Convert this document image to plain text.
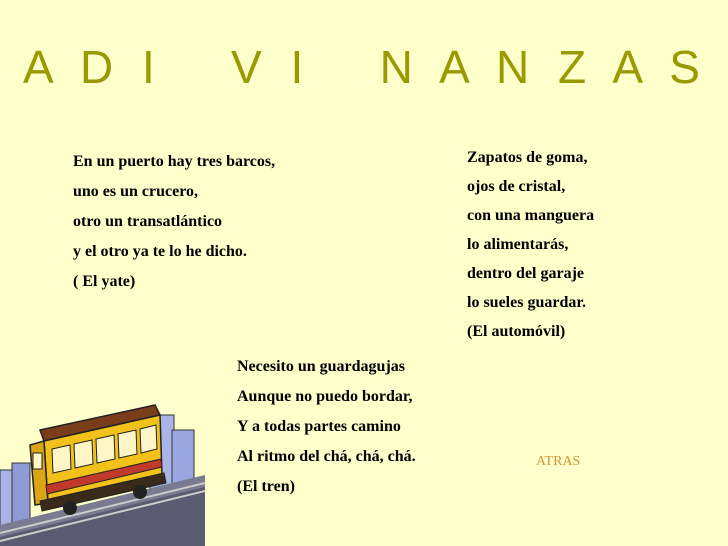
A D I   V I   N A N Z A S
En un puerto hay tres barcos,
uno es un crucero,
otro un transatlántico
y el otro ya te lo he dicho.
( El yate)
Zapatos de goma,
ojos de cristal,
con una manguera
lo alimentarás,
dentro del garaje
lo sueles guardar.
(El automóvil)
Necesito un guardagujas
Aunque no puedo bordar,
Y a todas partes camino
Al ritmo del chá, chá, chá.
(El tren)
ATRAS
